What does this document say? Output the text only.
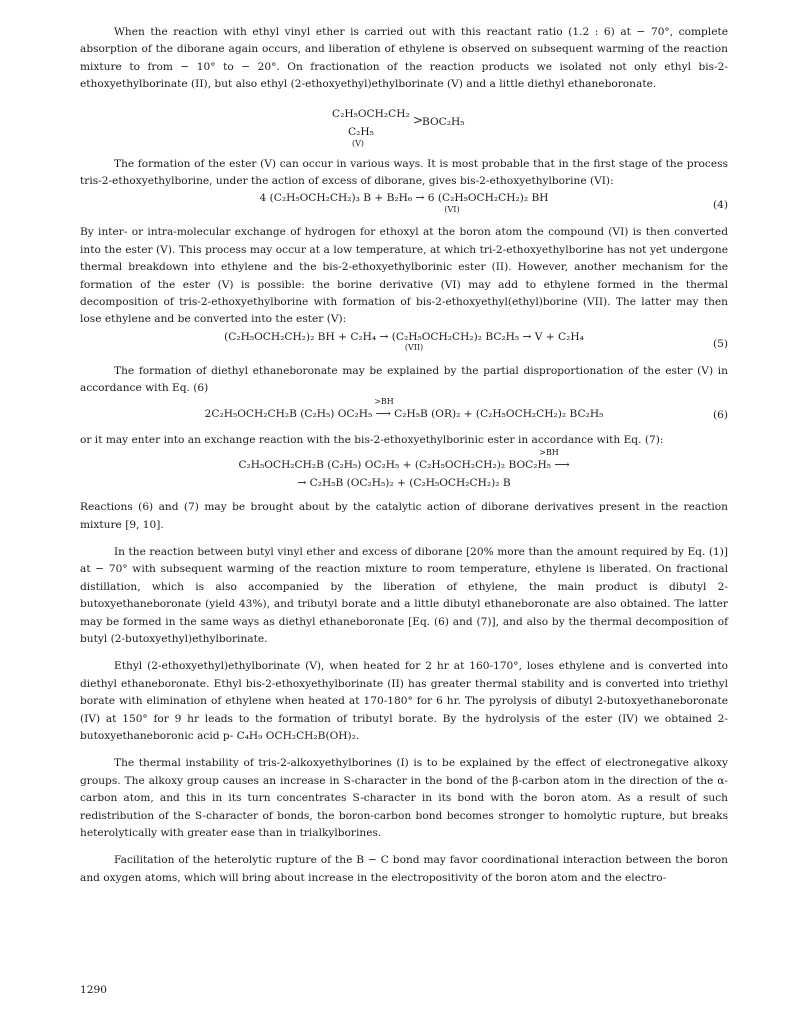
When the reaction with ethyl vinyl ether is carried out with this reactant ratio (1.2 : 6) at − 70°, complete absorption of the diborane again occurs, and liberation of ethylene is observed on subsequent warming of the reaction mixture to from − 10° to − 20°. On fractionation of the reaction products we isolated not only ethyl bis-2-ethoxyethylborinate (II), but also ethyl (2-ethoxyethyl)ethylborinate (V) and a little diethyl ethaneboronate.

C₂H₅OCH₂CH₂ >
BOC₂H₅
C₂H₅
(V)

The formation of the ester (V) can occur in various ways. It is most probable that in the first stage of the process tris-2-ethoxyethylborine, under the action of excess of diborane, gives bis-2-ethoxyethylborine (VI):

4 (C₂H₅OCH₂CH₂)₃ B + B₂H₆ → 6 (C₂H₅OCH₂CH₂)₂ BH
(VI)	(4)

By inter- or intra-molecular exchange of hydrogen for ethoxyl at the boron atom the compound (VI) is then converted into the ester (V). This process may occur at a low temperature, at which tri-2-ethoxyethylborine has not yet undergone thermal breakdown into ethylene and the bis-2-ethoxyethylborinic ester (II). However, another mechanism for the formation of the ester (V) is possible: the borine derivative (VI) may add to ethylene formed in the thermal decomposition of tris-2-ethoxyethylborine with formation of bis-2-ethoxyethyl(ethyl)borine (VII). The latter may then lose ethylene and be converted into the ester (V):

(C₂H₅OCH₂CH₂)₂ BH + C₂H₄ → (C₂H₅OCH₂CH₂)₂ BC₂H₅ → V + C₂H₄
(VII)	(5)

The formation of diethyl ethaneboronate may be explained by the partial disproportionation of the ester (V) in accordance with Eq. (6)

>BH
2C₂H₅OCH₂CH₂B (C₂H₅) OC₂H₅ ⟶ C₂H₅B (OR)₂ + (C₂H₅OCH₂CH₂)₂ BC₂H₅	(6)

or it may enter into an exchange reaction with the bis-2-ethoxyethylborinic ester in accordance with Eq. (7):

>BH
C₂H₅OCH₂CH₂B (C₂H₅) OC₂H₅ + (C₂H₅OCH₂CH₂)₂ BOC₂H₅ ⟶
→ C₂H₅B (OC₂H₅)₂ + (C₂H₅OCH₂CH₂)₂ B

Reactions (6) and (7) may be brought about by the catalytic action of diborane derivatives present in the reaction mixture [9, 10].

In the reaction between butyl vinyl ether and excess of diborane [20% more than the amount required by Eq. (1)] at − 70° with subsequent warming of the reaction mixture to room temperature, ethylene is liberated. On fractional distillation, which is also accompanied by the liberation of ethylene, the main product is dibutyl 2-butoxyethaneboronate (yield 43%), and tributyl borate and a little dibutyl ethaneboronate are also obtained. The latter may be formed in the same ways as diethyl ethaneboronate [Eq. (6) and (7)], and also by the thermal decomposition of butyl (2-butoxyethyl)ethylborinate.

Ethyl (2-ethoxyethyl)ethylborinate (V), when heated for 2 hr at 160-170°, loses ethylene and is converted into diethyl ethaneboronate. Ethyl bis-2-ethoxyethylborinate (II) has greater thermal stability and is converted into triethyl borate with elimination of ethylene when heated at 170-180° for 6 hr. The pyrolysis of dibutyl 2-butoxyethaneboronate (IV) at 150° for 9 hr leads to the formation of tributyl borate. By the hydrolysis of the ester (IV) we obtained 2-butoxyethaneboronic acid p- C₄H₉ OCH₂CH₂B(OH)₂.

The thermal instability of tris-2-alkoxyethylborines (I) is to be explained by the effect of electronegative alkoxy groups. The alkoxy group causes an increase in S-character in the bond of the β-carbon atom in the direction of the α-carbon atom, and this in its turn concentrates S-character in its bond with the boron atom. As a result of such redistribution of the S-character of bonds, the boron-carbon bond becomes stronger to homolytic rupture, but breaks heterolytically with greater ease than in trialkylborines.

Facilitation of the heterolytic rupture of the B − C bond may favor coordinational interaction between the boron and oxygen atoms, which will bring about increase in the electropositivity of the boron atom and the electro-

1290
